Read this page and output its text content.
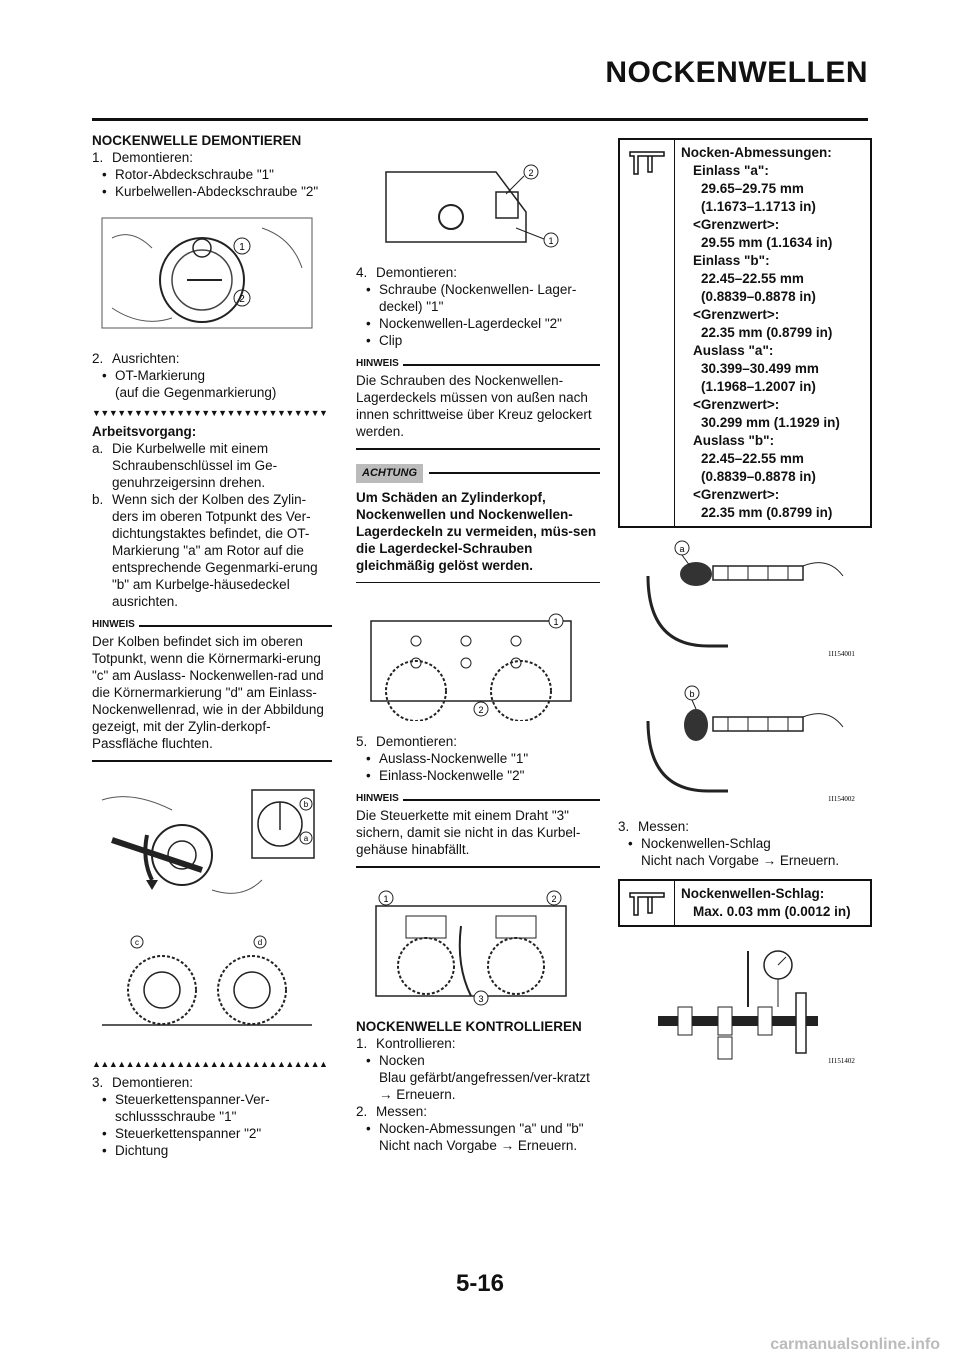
NOCKENWELLEN
NOCKENWELLE DEMONTIEREN
1. Demontieren:
• Rotor-Abdeckschraube "1"
• Kurbelwellen-Abdeckschraube "2"
1
2
2. Ausrichten:
• OT-Markierung
(auf die Gegenmarkierung)
▼▼▼▼▼▼▼▼▼▼▼▼▼▼▼▼▼▼▼▼▼▼▼▼▼▼▼▼
Arbeitsvorgang:
a. Die Kurbelwelle mit einem Schraubenschlüssel im Ge-genuhrzeigersinn drehen.
b. Wenn sich der Kolben des Zylin-ders im oberen Totpunkt des Ver-dichtungstaktes befindet, die OT-Markierung "a" am Rotor auf die entsprechende Gegenmarki-erung "b" am Kurbelge-häusedeckel ausrichten.
HINWEIS
Der Kolben befindet sich im oberen Totpunkt, wenn die Körnermarki-erung "c" am Auslass- Nockenwellen-rad und die Körnermarkierung "d" am Einlass- Nockenwellenrad, wie in der Abbildung gezeigt, mit der Zylin-derkopf- Passfläche fluchten.
b
a

c	d
▲▲▲▲▲▲▲▲▲▲▲▲▲▲▲▲▲▲▲▲▲▲▲▲▲▲▲▲
3. Demontieren:
• Steuerkettenspanner-Ver-schlussschraube "1"
• Steuerkettenspanner "2"
• Dichtung
2
1
4. Demontieren:
• Schraube (Nockenwellen- Lager-deckel) "1"
• Nockenwellen-Lagerdeckel "2"
• Clip
HINWEIS
Die Schrauben des Nockenwellen-Lagerdeckels müssen von außen nach innen schrittweise über Kreuz gelockert werden.
ACHTUNG
Um Schäden an Zylinderkopf, Nockenwellen und Nockenwellen-Lagerdeckeln zu vermeiden, müs-sen die Lagerdeckel-Schrauben gleichmäßig gelöst werden.
1
2
5. Demontieren:
• Auslass-Nockenwelle "1"
• Einlass-Nockenwelle "2"
HINWEIS
Die Steuerkette mit einem Draht "3" sichern, damit sie nicht in das Kurbel-gehäuse hinabfällt.
1	2
3
NOCKENWELLE KONTROLLIEREN
1. Kontrollieren:
• Nocken
Blau gefärbt/angefressen/ver-kratzt → Erneuern.
2. Messen:
• Nocken-Abmessungen "a" und "b"
Nicht nach Vorgabe → Erneuern.
Nocken-Abmessungen:
Einlass "a":
29.65–29.75 mm
(1.1673–1.1713 in)
<Grenzwert>:
29.55 mm (1.1634 in)
Einlass "b":
22.45–22.55 mm
(0.8839–0.8878 in)
<Grenzwert>:
22.35 mm (0.8799 in)
Auslass "a":
30.399–30.499 mm
(1.1968–1.2007 in)
<Grenzwert>:
30.299 mm (1.1929 in)
Auslass "b":
22.45–22.55 mm
(0.8839–0.8878 in)
<Grenzwert>:
22.35 mm (0.8799 in)
a
1I154001

b
1I154002
3. Messen:
• Nockenwellen-Schlag
Nicht nach Vorgabe → Erneuern.
Nockenwellen-Schlag:
Max. 0.03 mm (0.0012 in)
1I151402
5-16
carmanualsonline.info
